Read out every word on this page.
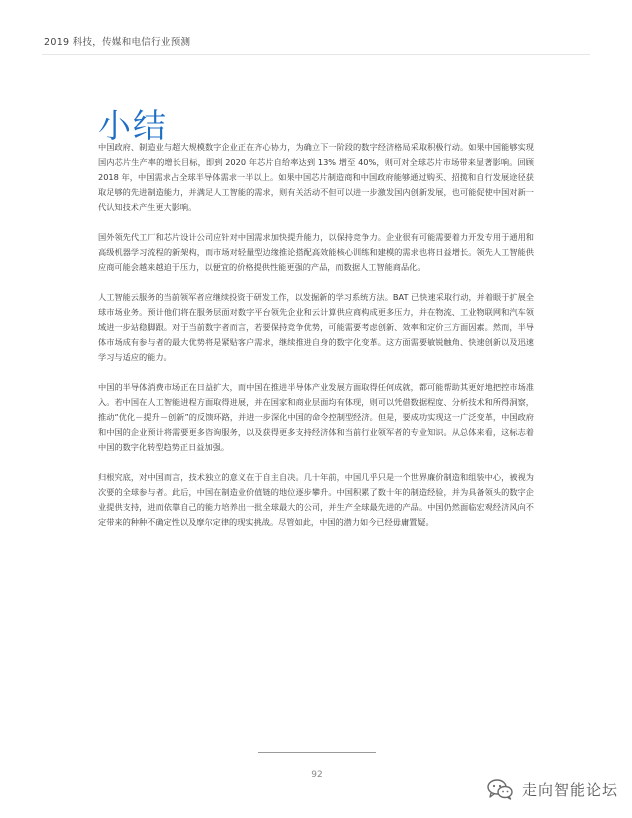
2019 科技，传媒和电信行业预测
小结

中国政府、制造业与超大规模数字企业正在齐心协力，为确立下一阶段的数字经济格局采取积极行动。如果中国能够实现国内芯片生产率的增长目标，即到 2020 年芯片自给率达到 13% 增至 40%，则可对全球芯片市场带来显著影响。回顾 2018 年，中国需求占全球半导体需求一半以上。如果中国芯片制造商和中国政府能够通过购买、招揽和自行发展途径获取足够的先进制造能力，并满足人工智能的需求，则有关活动不但可以进一步激发国内创新发展，也可能促使中国对新一代认知技术产生更大影响。

国外领先代工厂和芯片设计公司应针对中国需求加快提升能力，以保持竞争力。企业很有可能需要着力开发专用于通用和高级机器学习流程的新架构，而市场对轻量型边缘推论搭配高效能核心训练和建模的需求也将日益增长。领先人工智能供应商可能会越来越迫于压力，以便宜的价格提供性能更强的产品，而数据人工智能商品化。

人工智能云服务的当前领军者应继续投资于研发工作，以发掘新的学习系统方法。BAT 已快速采取行动，并着眼于扩展全球市场业务。预计他们将在服务层面对数字平台领先企业和云计算供应商构成更多压力，并在物流、工业物联网和汽车领域进一步站稳脚跟。对于当前数字者而言，若要保持竞争优势，可能需要考虑创新、效率和定价三方面因素。然而，半导体市场成有参与者的最大优势将是紧贴客户需求，继续推进自身的数字化变革。这方面需要敏锐触角、快速创新以及迅速学习与适应的能力。

中国的半导体消费市场正在日益扩大，而中国在推进半导体产业发展方面取得任何成就，都可能帮助其更好地把控市场准入。若中国在人工智能进程方面取得进展，并在国家和商业层面均有体现，则可以凭借数据程度、分析技术和所得洞察，推动“优化－提升－创新”的反馈环路，并进一步深化中国的命令控制型经济。但是，要成功实现这一广泛变革，中国政府和中国的企业预计将需要更多咨询服务，以及获得更多支持经济体和当前行业领军者的专业知识。从总体来看，这标志着中国的数字化转型趋势正日益加强。

归根究底，对中国而言，技术独立的意义在于自主自决。几十年前，中国几乎只是一个世界廉价制造和组装中心，被视为次要的全球参与者。此后，中国在制造业价值链的地位逐步攀升。中国积累了数十年的制造经验，并为具备领头的数字企业提供支持，进而依靠自己的能力培养出一批全球最大的公司，并生产全球最先进的产品。中国仍然面临宏观经济风向不定带来的种种不确定性以及摩尔定律的现实挑战。尽管如此，中国的潜力如今已经毋庸置疑。

92
走向智能论坛
